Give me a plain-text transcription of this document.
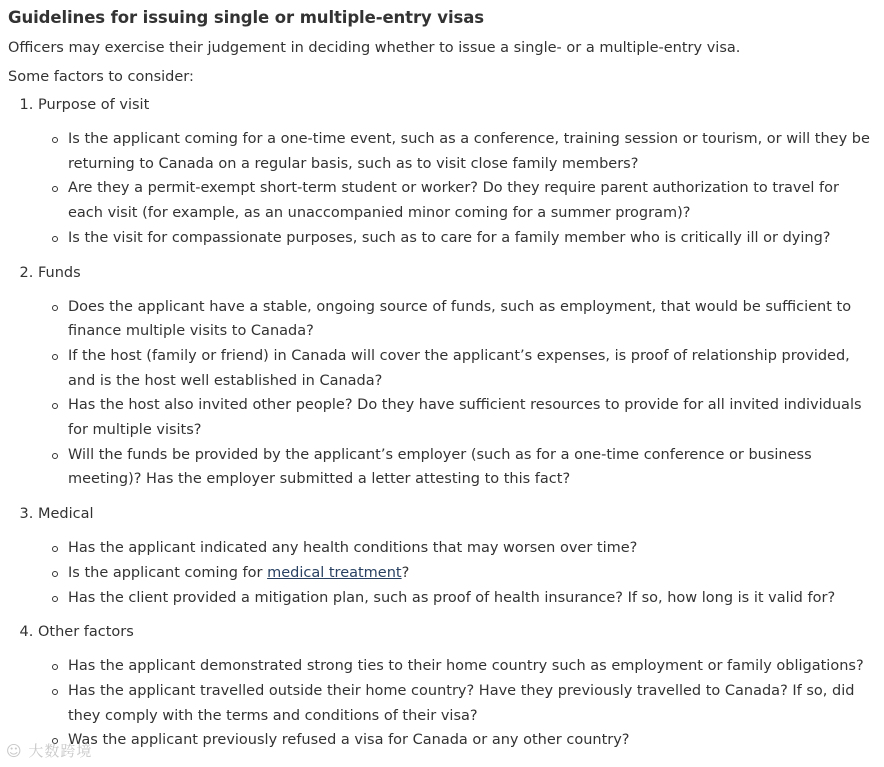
Guidelines for issuing single or multiple-entry visas

Officers may exercise their judgement in deciding whether to issue a single- or a multiple-entry visa.

Some factors to consider:

1. Purpose of visit
Is the applicant coming for a one-time event, such as a conference, training session or tourism, or will they be returning to Canada on a regular basis, such as to visit close family members?
Are they a permit-exempt short-term student or worker? Do they require parent authorization to travel for each visit (for example, as an unaccompanied minor coming for a summer program)?
Is the visit for compassionate purposes, such as to care for a family member who is critically ill or dying?
2. Funds
Does the applicant have a stable, ongoing source of funds, such as employment, that would be sufficient to finance multiple visits to Canada?
If the host (family or friend) in Canada will cover the applicant’s expenses, is proof of relationship provided, and is the host well established in Canada?
Has the host also invited other people? Do they have sufficient resources to provide for all invited individuals for multiple visits?
Will the funds be provided by the applicant’s employer (such as for a one-time conference or business meeting)? Has the employer submitted a letter attesting to this fact?
3. Medical
Has the applicant indicated any health conditions that may worsen over time?
Is the applicant coming for medical treatment?
Has the client provided a mitigation plan, such as proof of health insurance? If so, how long is it valid for?
4. Other factors
Has the applicant demonstrated strong ties to their home country such as employment or family obligations?
Has the applicant travelled outside their home country? Have they previously travelled to Canada? If so, did they comply with the terms and conditions of their visa?
Was the applicant previously refused a visa for Canada or any other country?
☺ 大数跨境
